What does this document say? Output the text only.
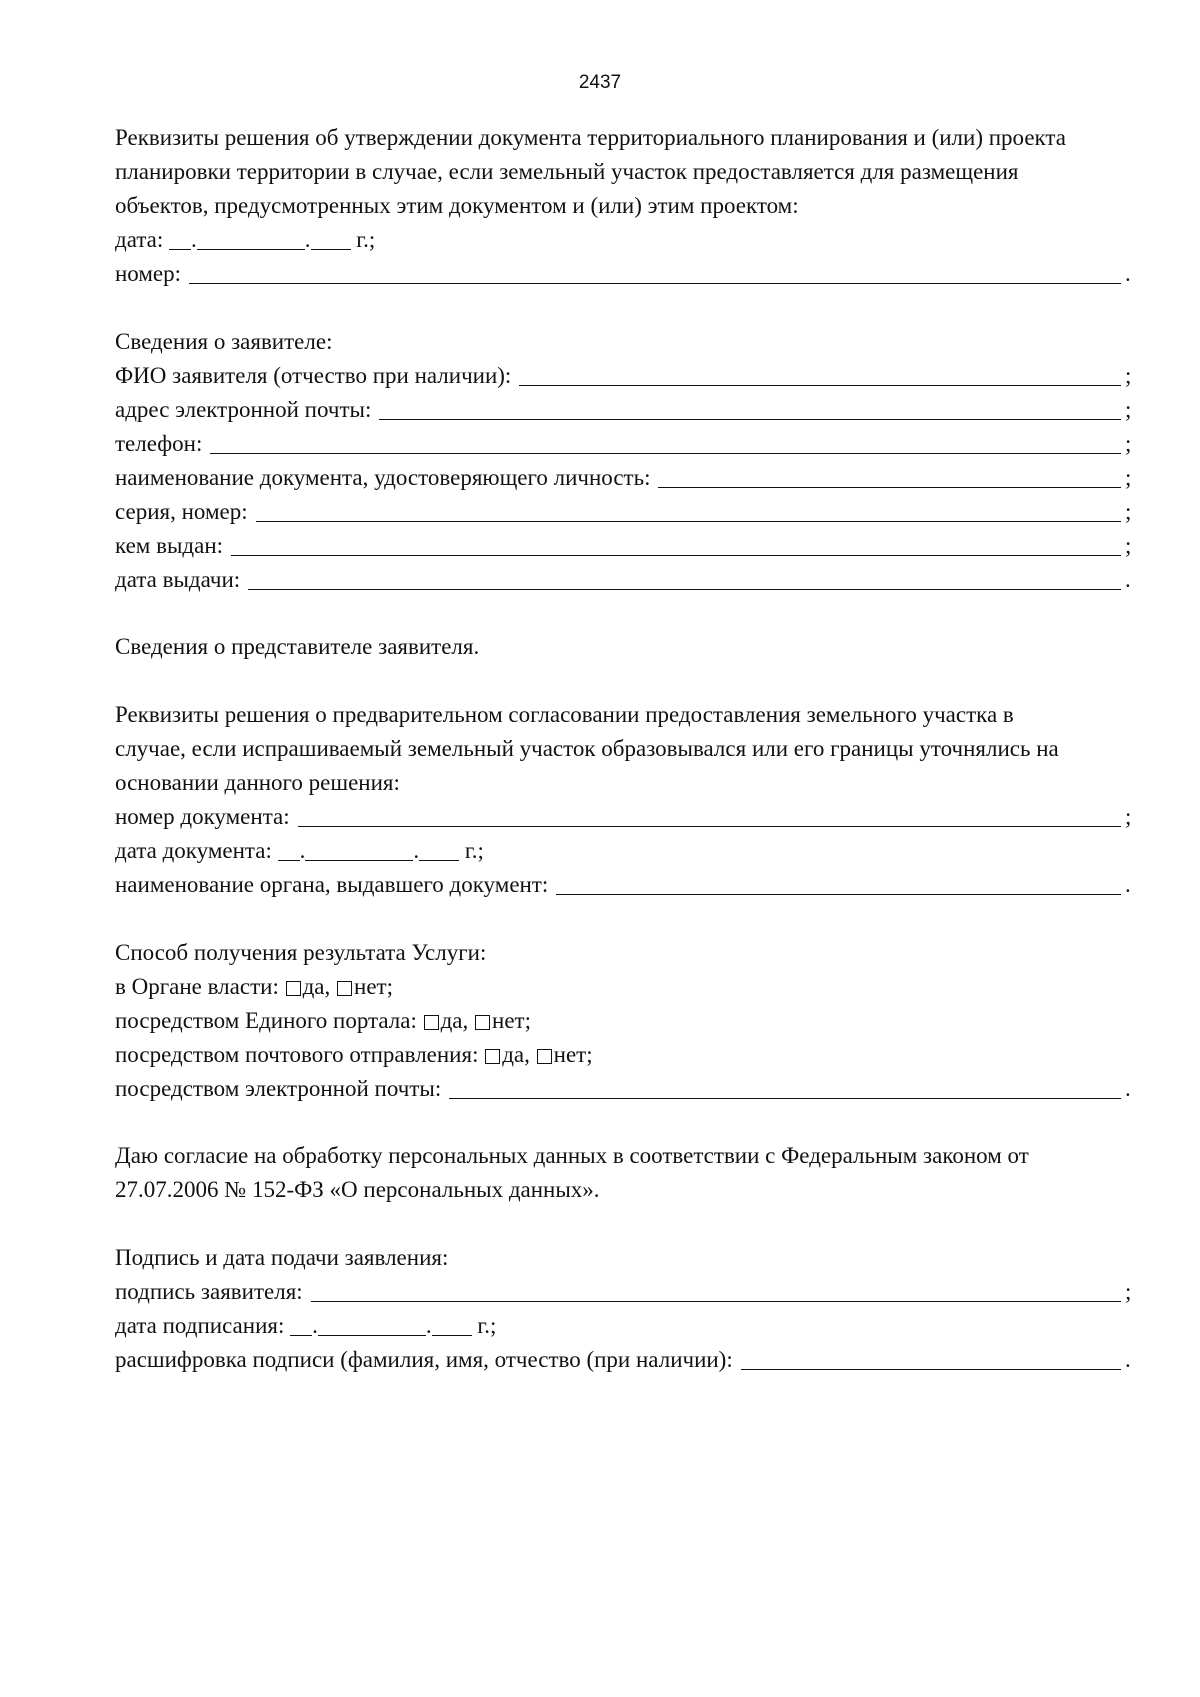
2437
Реквизиты решения об утверждении документа территориального планирования и (или) проекта
планировки территории в случае, если земельный участок предоставляется для размещения
объектов, предусмотренных этим документом и (или) этим проектом:
дата: .	. г.;
номер:	.
Сведения о заявителе:
ФИО заявителя (отчество при наличии):	;
адрес электронной почты:	;
телефон:	;
наименование документа, удостоверяющего личность:	;
серия, номер:	;
кем выдан:	;
дата выдачи:	.
Сведения о представителе заявителя.
Реквизиты решения о предварительном согласовании предоставления земельного участка в
случае, если испрашиваемый земельный участок образовывался или его границы уточнялись на
основании данного решения:
номер документа:	;
дата документа: .	. г.;
наименование органа, выдавшего документ:	.
Способ получения результата Услуги:
в Органе власти: да, нет;
посредством Единого портала: да, нет;
посредством почтового отправления: да, нет;
посредством электронной почты:	.
Даю согласие на обработку персональных данных в соответствии с Федеральным законом от
27.07.2006 № 152-ФЗ «О персональных данных».
Подпись и дата подачи заявления:
подпись заявителя:	;
дата подписания: .	. г.;
расшифровка подписи (фамилия, имя, отчество (при наличии):	.
